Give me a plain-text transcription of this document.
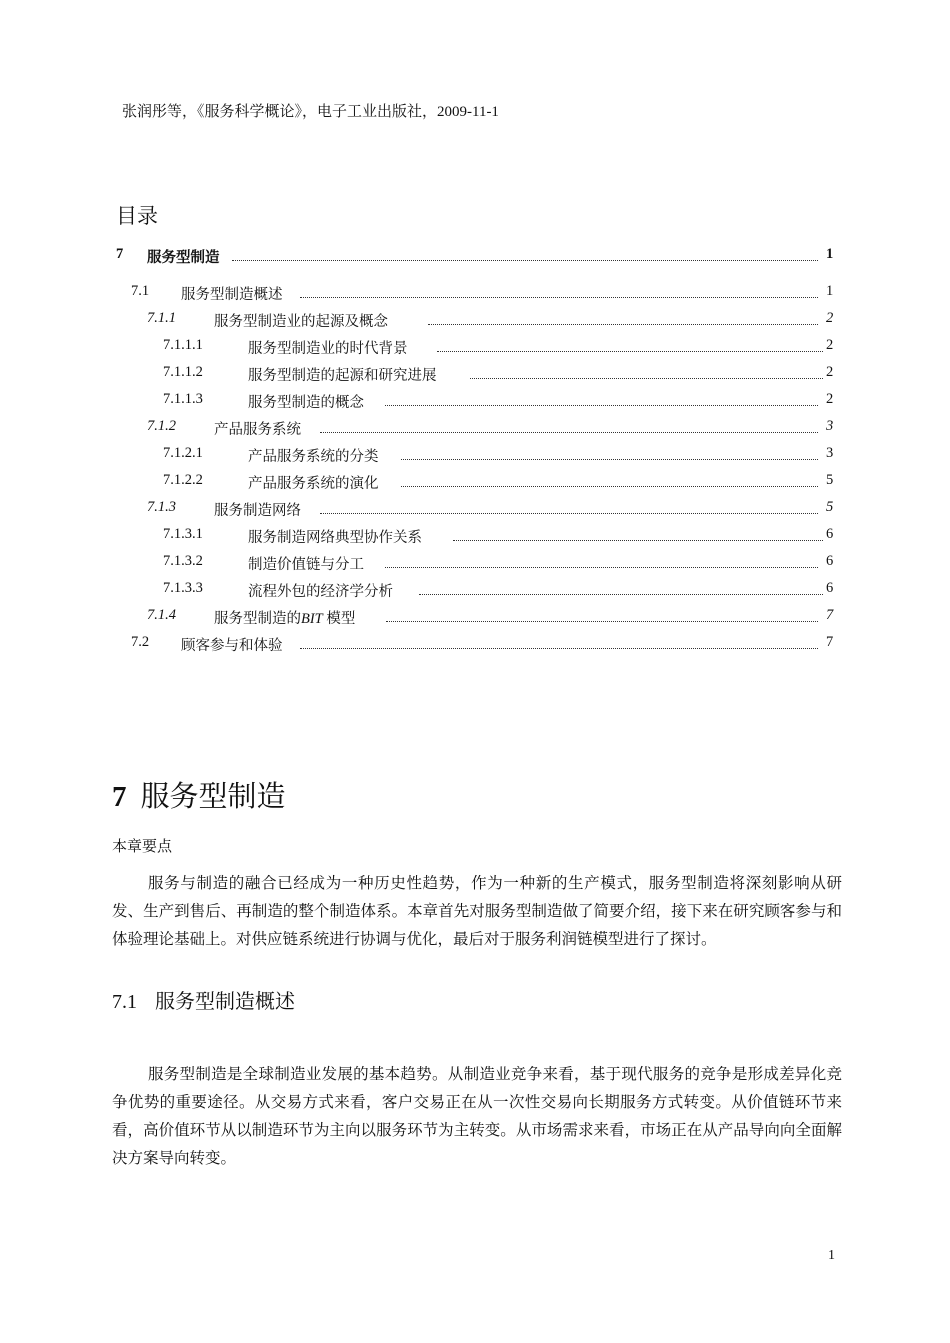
张润彤等，《服务科学概论》，电子工业出版社，2009-11-1
目录
7 服务型制造	1
7.1 服务型制造概述	1
7.1.1	服务型制造业的起源及概念	2
7.1.1.1	服务型制造业的时代背景	2
7.1.1.2	服务型制造的起源和研究进展	2
7.1.1.3	服务型制造的概念	2
7.1.2	产品服务系统	3
7.1.2.1	产品服务系统的分类	3
7.1.2.2	产品服务系统的演化	5
7.1.3	服务制造网络	5
7.1.3.1	服务制造网络典型协作关系	6
7.1.3.2	制造价值链与分工	6
7.1.3.3	流程外包的经济学分析	6
7.1.4	服务型制造的BIT 模型	7
7.2 顾客参与和体验	7
7 服务型制造
本章要点

服务与制造的融合已经成为一种历史性趋势，作为一种新的生产模式，服务型制造将深刻影响从研发、生产到售后、再制造的整个制造体系。本章首先对服务型制造做了简要介绍，接下来在研究顾客参与和体验理论基础上。对供应链系统进行协调与优化，最后对于服务利润链模型进行了探讨。

7.1 服务型制造概述

服务型制造是全球制造业发展的基本趋势。从制造业竞争来看，基于现代服务的竞争是形成差异化竞争优势的重要途径。从交易方式来看，客户交易正在从一次性交易向长期服务方式转变。从价值链环节来看，高价值环节从以制造环节为主向以服务环节为主转变。从市场需求来看，市场正在从产品导向向全面解决方案导向转变。

1
